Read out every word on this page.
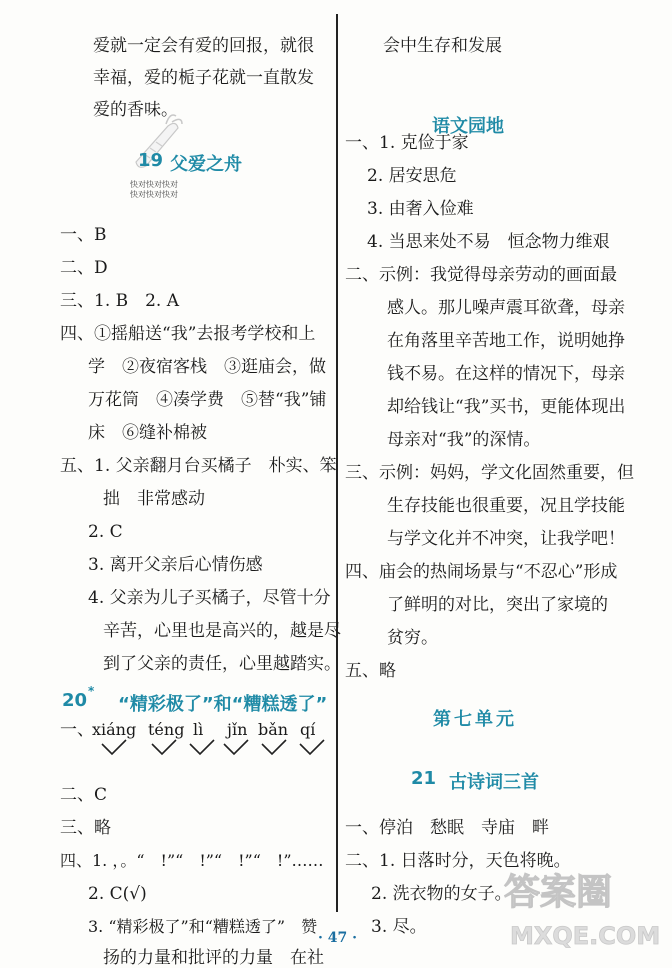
爱就一定会有爱的回报，就很
幸福，爱的栀子花就一直散发
爱的香味。
19 父爱之舟
快对快对快对
快对快对快对
一、B
二、D
三、1. B　2. A
四、①摇船送“我”去报考学校和上
学　②夜宿客栈　③逛庙会，做
万花筒　④凑学费　⑤替“我”铺
床　⑥缝补棉被
五、1. 父亲翻月台买橘子　朴实、笨
拙　非常感动
2. C
3. 离开父亲后心情伤感
4. 父亲为儿子买橘子，尽管十分
辛苦，心里也是高兴的，越是尽
到了父亲的责任，心里越踏实。
20 *
“精彩极了”和“糟糕透了”
一、
xiáng téng lì jǐn bǎn qí
二、C
三、略
四、1. ，。“　!”“　!”“　!”“　!”……
2. C(√)
3. “精彩极了”和“糟糕透了”　赞
扬的力量和批评的力量　在社
会中生存和发展
语文园地
一、1. 克俭于家
2. 居安思危
3. 由奢入俭难
4. 当思来处不易　恒念物力维艰
二、示例：我觉得母亲劳动的画面最
感人。那儿噪声震耳欲聋，母亲
在角落里辛苦地工作，说明她挣
钱不易。在这样的情况下，母亲
却给钱让“我”买书，更能体现出
母亲对“我”的深情。
三、示例：妈妈，学文化固然重要，但
生存技能也很重要，况且学技能
与学文化并不冲突，让我学吧！
四、庙会的热闹场景与“不忍心”形成
了鲜明的对比，突出了家境的
贫穷。
五、略
第七单元
21 古诗词三首
一、停泊　愁眠　寺庙　畔
二、1. 日落时分，天色将晚。
2. 洗衣物的女子。
3. 尽。
答案圈
MXQE.COM
· 47 ·
